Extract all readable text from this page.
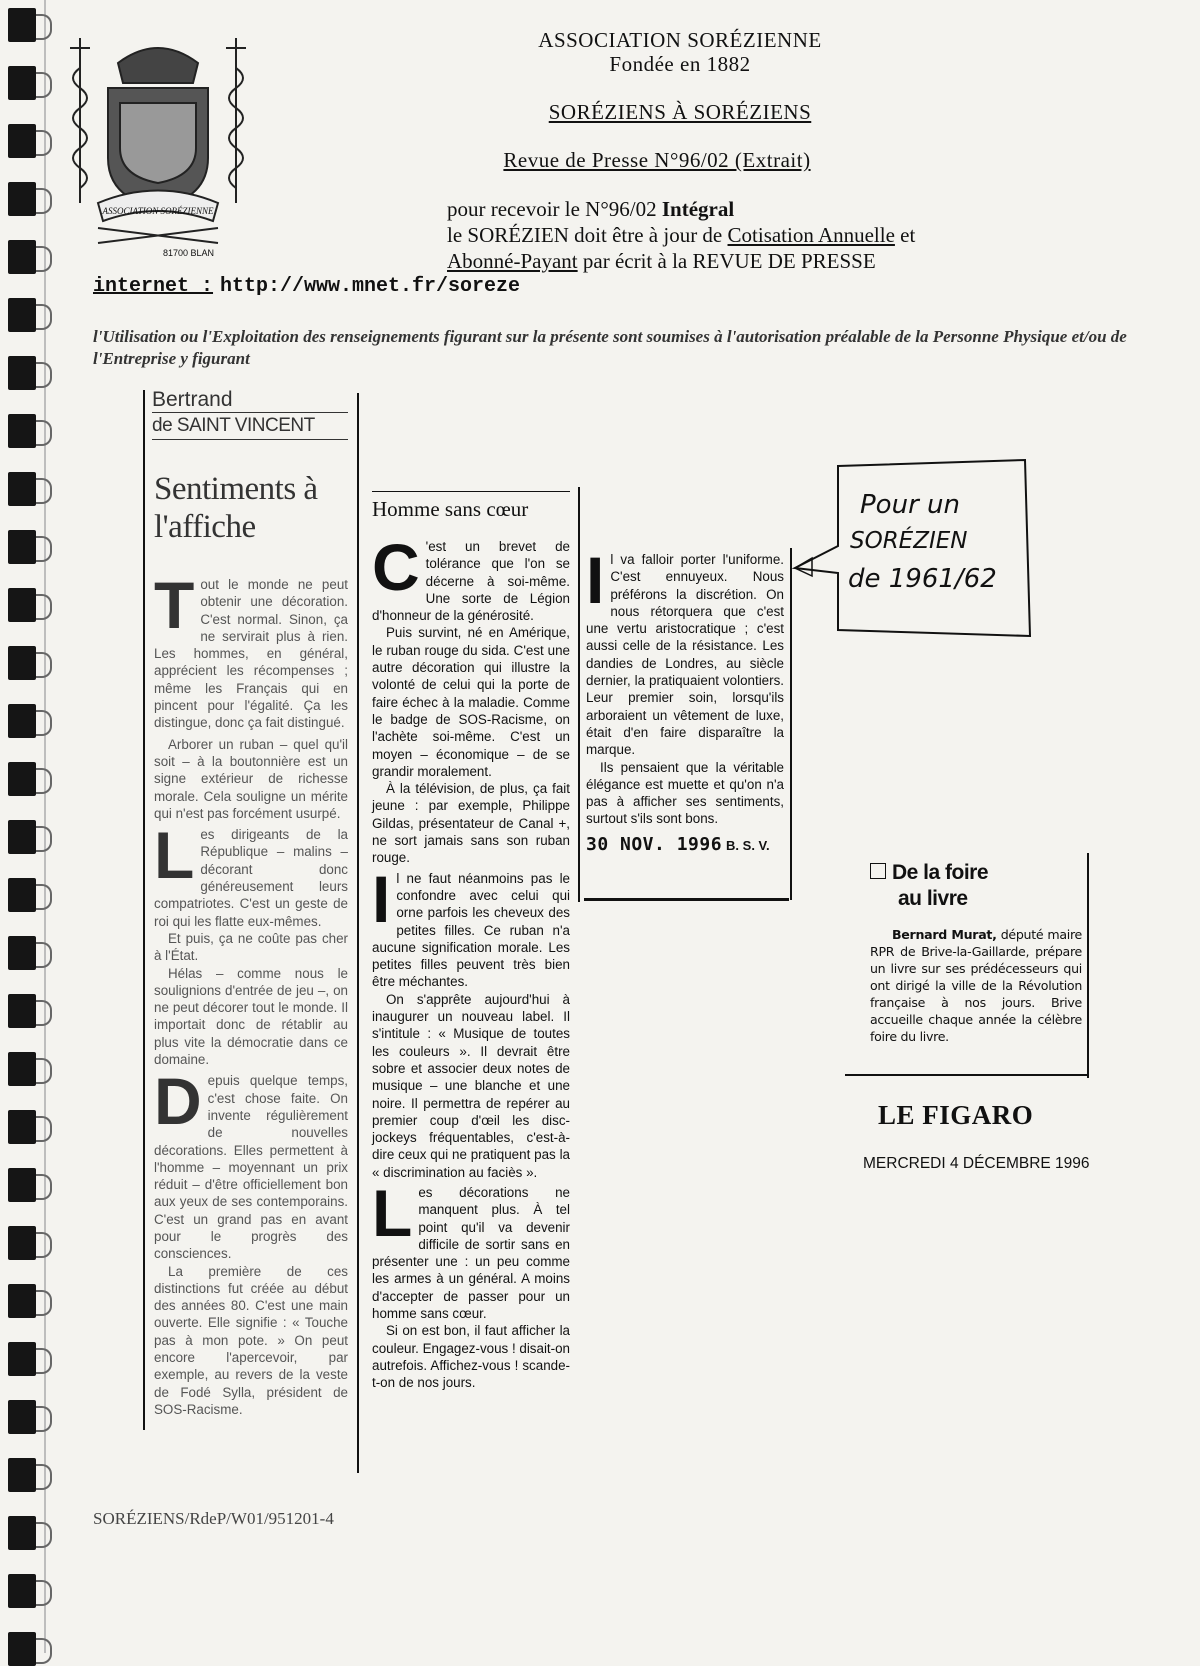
ASSOCIATION SORÉZIENNE
81700 BLAN
ASSOCIATION SORÉZIENNE
Fondée en 1882
SORÉZIENS À SORÉZIENS
Revue de Presse N°96/02 (Extrait)
pour recevoir le N°96/02 Intégral
le SORÉZIEN doit être à jour de Cotisation Annuelle et
Abonné-Payant par écrit à la REVUE DE PRESSE
internet : http://www.mnet.fr/soreze
l'Utilisation ou l'Exploitation des renseignements figurant sur la présente sont soumises à l'autorisation préalable de la Personne Physique et/ou de l'Entreprise y figurant
Bertrand
de SAINT VINCENT
Sentiments à l'affiche

Tout le monde ne peut obtenir une décoration. C'est normal. Sinon, ça ne servirait plus à rien. Les hommes, en général, apprécient les récompenses ; même les Français qui en pincent pour l'égalité. Ça les distingue, donc ça fait distingué.

Arborer un ruban – quel qu'il soit – à la boutonnière est un signe extérieur de richesse morale. Cela souligne un mérite qui n'est pas forcément usurpé.

Les dirigeants de la République – malins – décorant donc généreusement leurs compatriotes. C'est un geste de roi qui les flatte eux-mêmes.

Et puis, ça ne coûte pas cher à l'État.

Hélas – comme nous le soulignions d'entrée de jeu –, on ne peut décorer tout le monde. Il importait donc de rétablir au plus vite la démocratie dans ce domaine.

Depuis quelque temps, c'est chose faite. On invente régulièrement de nouvelles décorations. Elles permettent à l'homme – moyennant un prix réduit – d'être officiellement bon aux yeux de ses contemporains. C'est un grand pas en avant pour le progrès des consciences.

La première de ces distinctions fut créée au début des années 80. C'est une main ouverte. Elle signifie : « Touche pas à mon pote. » On peut encore l'apercevoir, par exemple, au revers de la veste de Fodé Sylla, président de SOS-Racisme.

Homme sans cœur

C 'est un brevet de tolérance que l'on se décerne à soi-même. Une sorte de Légion d'honneur de la générosité.

Puis survint, né en Amérique, le ruban rouge du sida. C'est une autre décoration qui illustre la volonté de celui qui la porte de faire échec à la maladie. Comme le badge de SOS-Racisme, on l'achète soi-même. C'est un moyen – économique – de se grandir moralement.

À la télévision, de plus, ça fait jeune : par exemple, Philippe Gildas, présentateur de Canal +, ne sort jamais sans son ruban rouge.

Il ne faut néanmoins pas le confondre avec celui qui orne parfois les cheveux des petites filles. Ce ruban n'a aucune signification morale. Les petites filles peuvent très bien être méchantes.

On s'apprête aujourd'hui à inaugurer un nouveau label. Il s'intitule : « Musique de toutes les couleurs ». Il devrait être sobre et associer deux notes de musique – une blanche et une noire. Il permettra de repérer au premier coup d'œil les disc-jockeys fréquentables, c'est-à-dire ceux qui ne pratiquent pas la « discrimination au faciès ».

Les décorations ne manquent plus. À tel point qu'il va devenir difficile de sortir sans en présenter une : un peu comme les armes à un général. A moins d'accepter de passer pour un homme sans cœur.

Si on est bon, il faut afficher la couleur. Engagez-vous ! disait-on autrefois. Affichez-vous ! scande-t-on de nos jours.

Il va falloir porter l'uniforme. C'est ennuyeux. Nous préférons la discrétion. On nous rétorquera que c'est une vertu aristocratique ; c'est aussi celle de la résistance. Les dandies de Londres, au siècle dernier, la pratiquaient volontiers. Leur premier soin, lorsqu'ils arboraient un vêtement de luxe, était d'en faire disparaître la marque.

Ils pensaient que la véritable élégance est muette et qu'on n'a pas à afficher ses sentiments, surtout s'ils sont bons.

30 NOV. 1996 B. S. V.
Pour un
SORÉZIEN
de 1961/62
De la foire
au livre
Bernard Murat, député maire RPR de Brive-la-Gaillarde, prépare un livre sur ses prédécesseurs qui ont dirigé la ville de la Révolution française à nos jours. Brive accueille chaque année la célèbre foire du livre.
LE FIGARO
MERCREDI 4 DÉCEMBRE 1996
SORÉZIENS/RdeP/W01/951201-4
